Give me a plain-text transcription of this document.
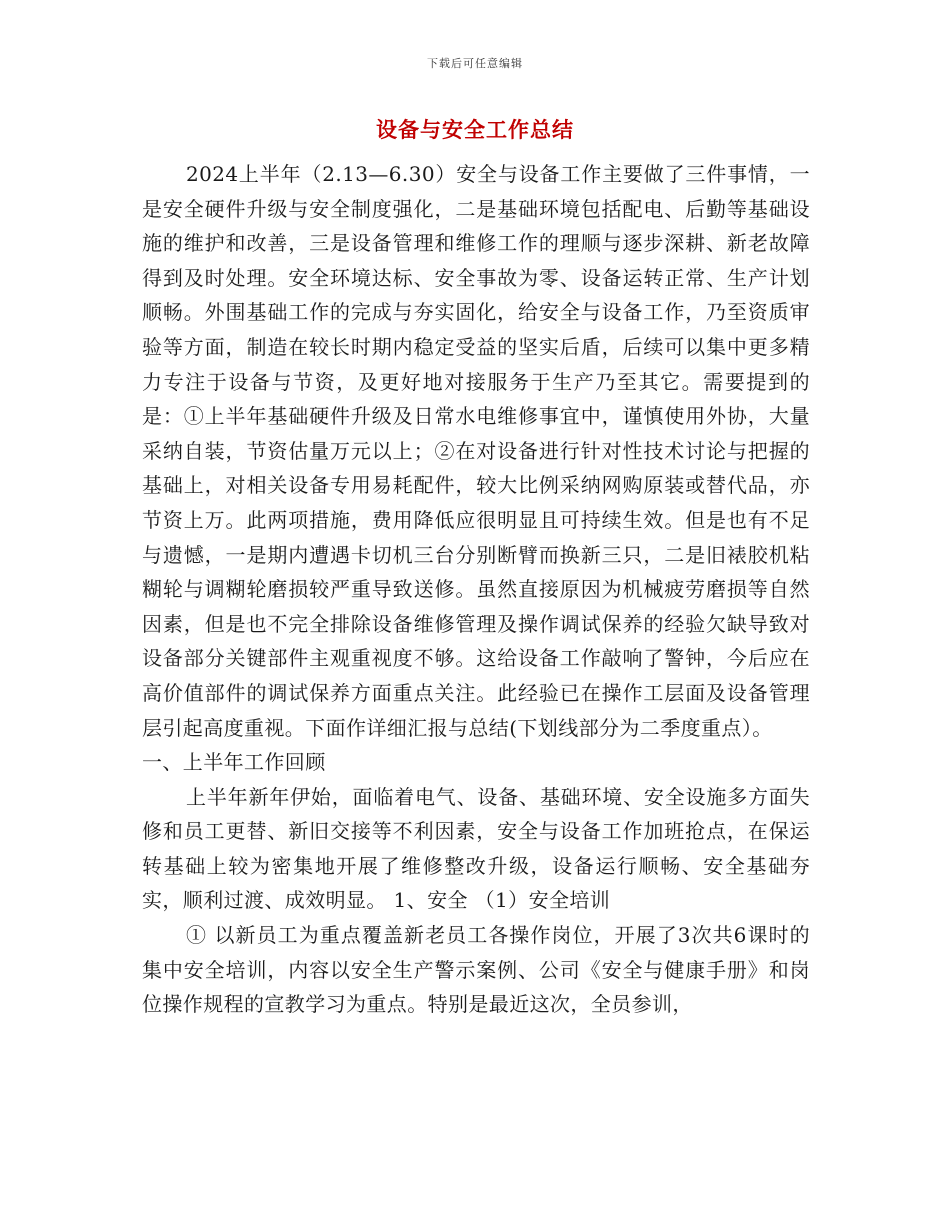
下载后可任意编辑
设备与安全工作总结

2024上半年（2.13—6.30）安全与设备工作主要做了三件事情，一是安全硬件升级与安全制度强化，二是基础环境包括配电、后勤等基础设施的维护和改善，三是设备管理和维修工作的理顺与逐步深耕、新老故障得到及时处理。安全环境达标、安全事故为零、设备运转正常、生产计划顺畅。外围基础工作的完成与夯实固化，给安全与设备工作，乃至资质审验等方面，制造在较长时期内稳定受益的坚实后盾，后续可以集中更多精力专注于设备与节资，及更好地对接服务于生产乃至其它。需要提到的是：①上半年基础硬件升级及日常水电维修事宜中，谨慎使用外协，大量采纳自装，节资估量万元以上；②在对设备进行针对性技术讨论与把握的基础上，对相关设备专用易耗配件，较大比例采纳网购原装或替代品，亦节资上万。此两项措施，费用降低应很明显且可持续生效。但是也有不足与遗憾，一是期内遭遇卡切机三台分别断臂而换新三只，二是旧裱胶机粘糊轮与调糊轮磨损较严重导致送修。虽然直接原因为机械疲劳磨损等自然因素，但是也不完全排除设备维修管理及操作调试保养的经验欠缺导致对设备部分关键部件主观重视度不够。这给设备工作敲响了警钟，今后应在高价值部件的调试保养方面重点关注。此经验已在操作工层面及设备管理层引起高度重视。下面作详细汇报与总结(下划线部分为二季度重点）。

一、上半年工作回顾

上半年新年伊始，面临着电气、设备、基础环境、安全设施多方面失修和员工更替、新旧交接等不利因素，安全与设备工作加班抢点，在保运转基础上较为密集地开展了维修整改升级，设备运行顺畅、安全基础夯实，顺利过渡、成效明显。 1、安全 （1）安全培训

① 以新员工为重点覆盖新老员工各操作岗位，开展了3次共6课时的集中安全培训，内容以安全生产警示案例、公司《安全与健康手册》和岗位操作规程的宣教学习为重点。特别是最近这次，全员参训，
